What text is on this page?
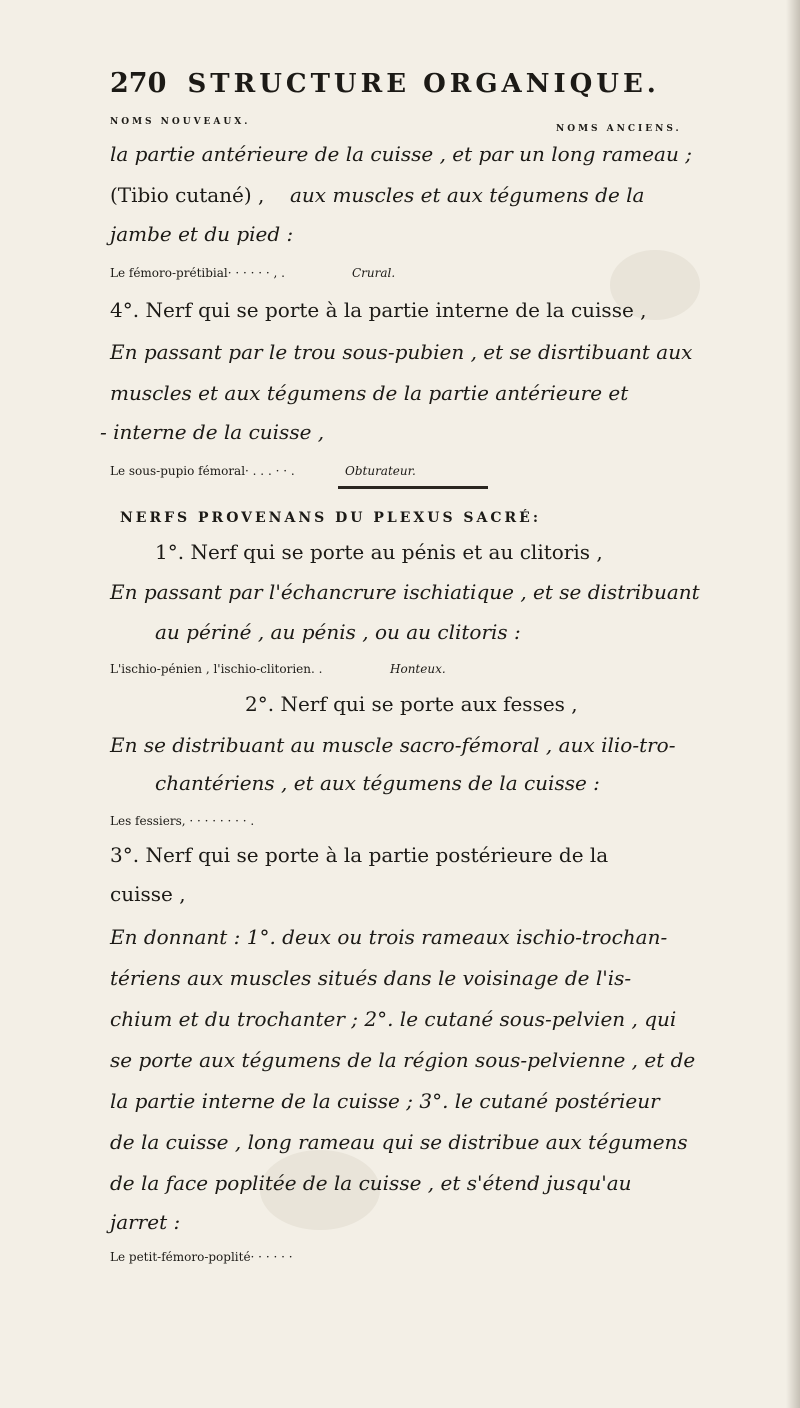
270 STRUCTURE ORGANIQUE.
NOMS NOUVEAUX.
NOMS ANCIENS.
la partie antérieure de la cuisse , et par un long rameau ;
(Tibio cutané) , aux muscles et aux tégumens de la
jambe et du pied :
Le fémoro-prétibial· · · · · · , .	Crural.
4°. Nerf qui se porte à la partie interne de la cuisse ,
En passant par le trou sous-pubien , et se disrtibuant aux
muscles et aux tégumens de la partie antérieure et
- interne de la cuisse ,
Le sous-pupio fémoral· . . . · · .	Obturateur.
NERFS PROVENANS DU PLEXUS SACRÉ:
1°. Nerf qui se porte au pénis et au clitoris ,
En passant par l'échancrure ischiatique , et se distribuant
au périné , au pénis , ou au clitoris :
L'ischio-pénien , l'ischio-clitorien. .	Honteux.
2°. Nerf qui se porte aux fesses ,
En se distribuant au muscle sacro-fémoral , aux ilio-tro-
chantériens , et aux tégumens de la cuisse :
Les fessiers, · · · · · · · · .
3°. Nerf qui se porte à la partie postérieure de la
cuisse ,
En donnant : 1°. deux ou trois rameaux ischio-trochan-
tériens aux muscles situés dans le voisinage de l'is-
chium et du trochanter ; 2°. le cutané sous-pelvien , qui
se porte aux tégumens de la région sous-pelvienne , et de
la partie interne de la cuisse ; 3°. le cutané postérieur
de la cuisse , long rameau qui se distribue aux tégumens
de la face poplitée de la cuisse , et s'étend jusqu'au
jarret :
Le petit-fémoro-poplité· · · · · ·
